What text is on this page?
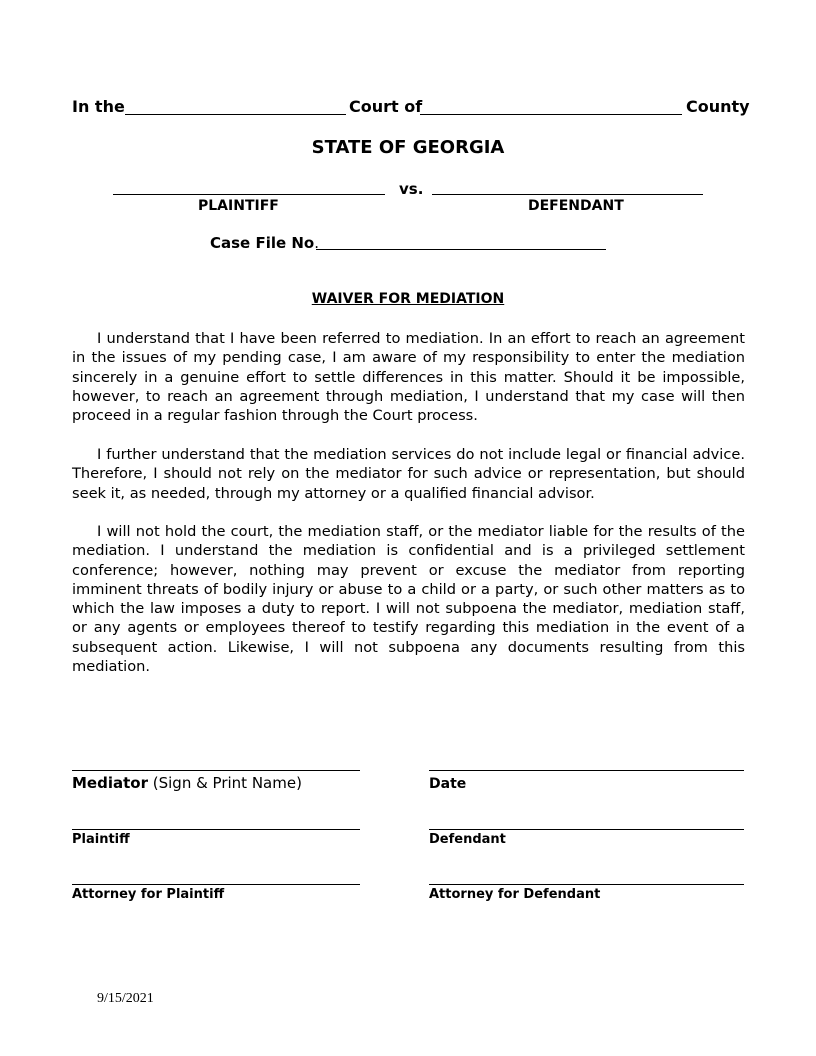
In the	Court of	County
STATE OF GEORGIA
vs.
PLAINTIFF	DEFENDANT
Case File No.
WAIVER FOR MEDIATION

I understand that I have been referred to mediation. In an effort to reach an agreement in the issues of my pending case, I am aware of my responsibility to enter the mediation sincerely in a genuine effort to settle differences in this matter. Should it be impossible, however, to reach an agreement through mediation, I understand that my case will then proceed in a regular fashion through the Court process.

I further understand that the mediation services do not include legal or financial advice. Therefore, I should not rely on the mediator for such advice or representation, but should seek it, as needed, through my attorney or a qualified financial advisor.

I will not hold the court, the mediation staff, or the mediator liable for the results of the mediation. I understand the mediation is confidential and is a privileged settlement conference; however, nothing may prevent or excuse the mediator from reporting imminent threats of bodily injury or abuse to a child or a party, or such other matters as to which the law imposes a duty to report. I will not subpoena the mediator, mediation staff, or any agents or employees thereof to testify regarding this mediation in the event of a subsequent action. Likewise, I will not subpoena any documents resulting from this mediation.

Mediator (Sign & Print Name)	Date
Plaintiff	Defendant
Attorney for Plaintiff	Attorney for Defendant
9/15/2021
